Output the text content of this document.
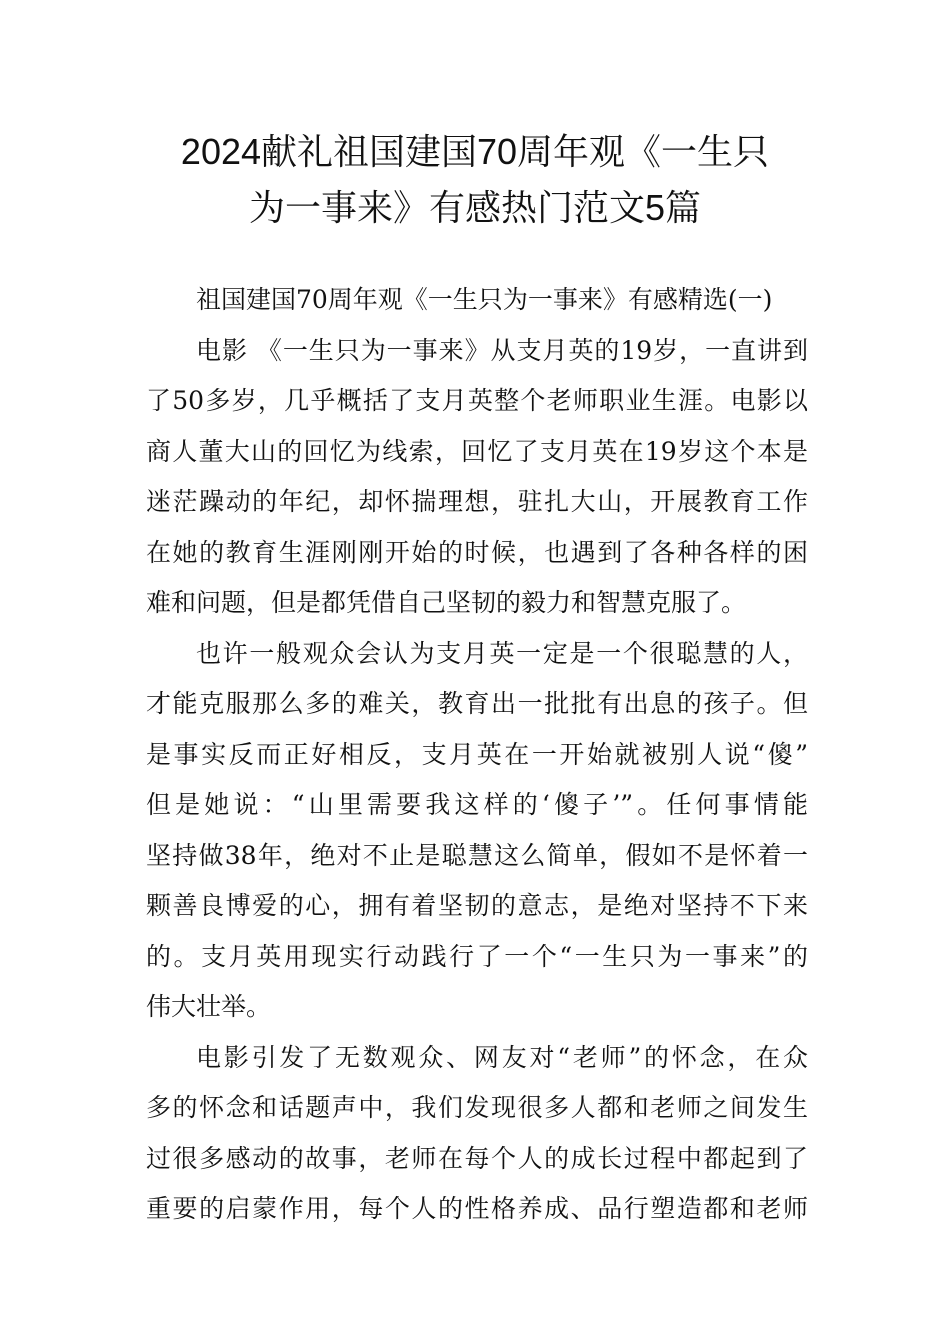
2024献礼祖国建国70周年观《一生只
为一事来》有感热门范文5篇

祖国建国70周年观《一生只为一事来》有感精选(一)

电影 《一生只为一事来》从支月英的19岁，一直讲到
了50多岁，几乎概括了支月英整个老师职业生涯。电影以
商人董大山的回忆为线索，回忆了支月英在19岁这个本是
迷茫躁动的年纪，却怀揣理想，驻扎大山，开展教育工作
在她的教育生涯刚刚开始的时候，也遇到了各种各样的困
难和问题，但是都凭借自己坚韧的毅力和智慧克服了。

也许一般观众会认为支月英一定是一个很聪慧的人，
才能克服那么多的难关，教育出一批批有出息的孩子。但
是事实反而正好相反，支月英在一开始就被别人说“傻”
但是她说：“山里需要我这样的‘傻子’”。任何事情能
坚持做38年，绝对不止是聪慧这么简单，假如不是怀着一
颗善良博爱的心，拥有着坚韧的意志，是绝对坚持不下来
的。支月英用现实行动践行了一个“一生只为一事来”的
伟大壮举。

电影引发了无数观众、网友对“老师”的怀念，在众
多的怀念和话题声中，我们发现很多人都和老师之间发生
过很多感动的故事，老师在每个人的成长过程中都起到了
重要的启蒙作用，每个人的性格养成、品行塑造都和老师
